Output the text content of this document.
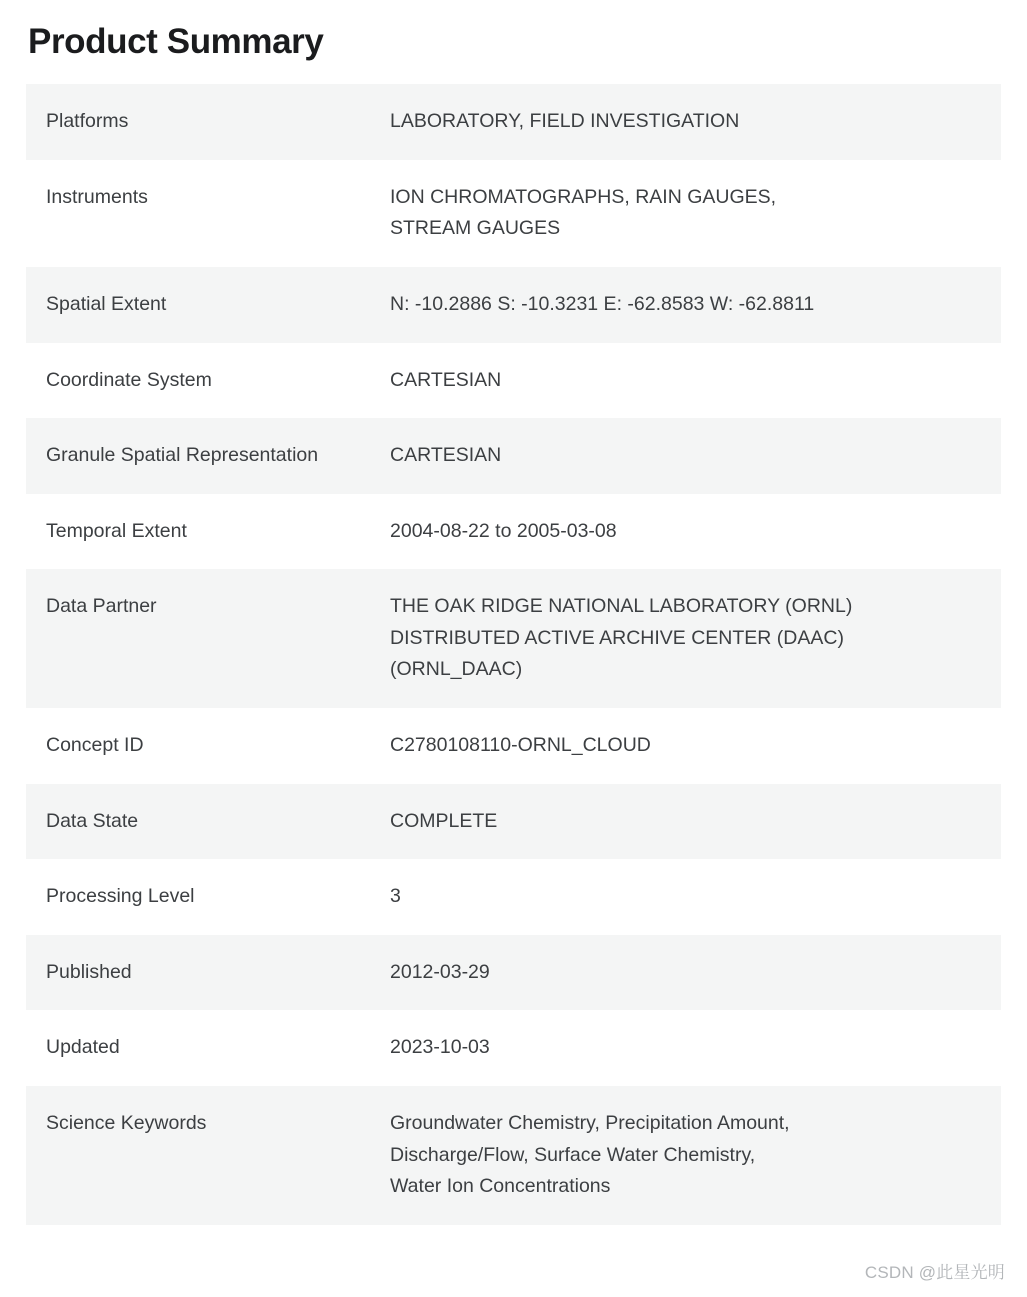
Product Summary
Platforms	LABORATORY, FIELD INVESTIGATION

Instruments	ION CHROMATOGRAPHS, RAIN GAUGES,
STREAM GAUGES

Spatial Extent	N: -10.2886 S: -10.3231 E: -62.8583 W: -62.8811

Coordinate System	CARTESIAN

Granule Spatial Representation	CARTESIAN

Temporal Extent	2004-08-22 to 2005-03-08

Data Partner	THE OAK RIDGE NATIONAL LABORATORY (ORNL)
DISTRIBUTED ACTIVE ARCHIVE CENTER (DAAC)
(ORNL_DAAC)

Concept ID	C2780108110-ORNL_CLOUD

Data State	COMPLETE

Processing Level	3

Published	2012-03-29

Updated	2023-10-03

Science Keywords	Groundwater Chemistry, Precipitation Amount,
Discharge/Flow, Surface Water Chemistry,
Water Ion Concentrations
CSDN @此星光明
